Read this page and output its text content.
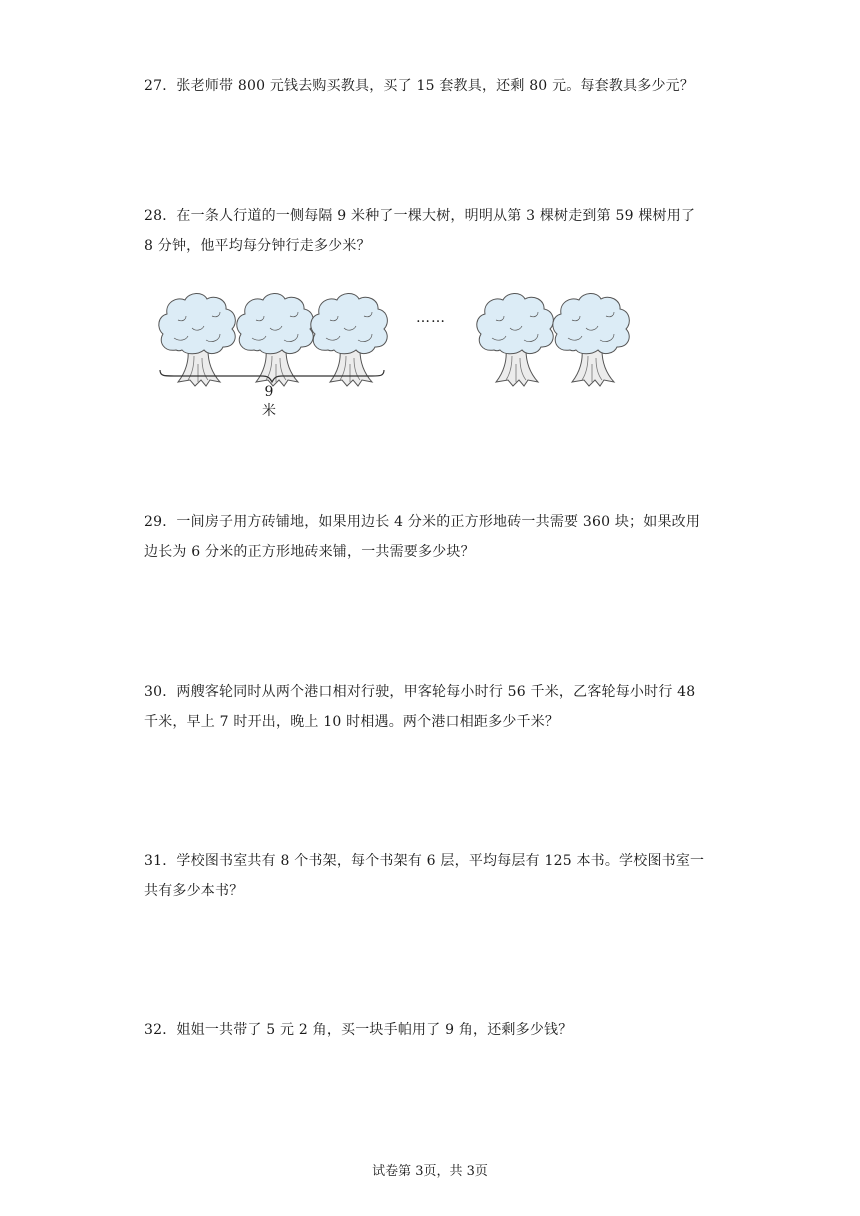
27．张老师带 800 元钱去购买教具，买了 15 套教具，还剩 80 元。每套教具多少元？
28．在一条人行道的一侧每隔 9 米种了一棵大树，明明从第 3 棵树走到第 59 棵树用了
8 分钟，他平均每分钟行走多少米？
……
9 米
29．一间房子用方砖铺地，如果用边长 4 分米的正方形地砖一共需要 360 块；如果改用
边长为 6 分米的正方形地砖来铺，一共需要多少块？
30．两艘客轮同时从两个港口相对行驶，甲客轮每小时行 56 千米，乙客轮每小时行 48
千米，早上 7 时开出，晚上 10 时相遇。两个港口相距多少千米？
31．学校图书室共有 8 个书架，每个书架有 6 层，平均每层有 125 本书。学校图书室一
共有多少本书？
32．姐姐一共带了 5 元 2 角，买一块手帕用了 9 角，还剩多少钱？
试卷第 3页，共 3页
